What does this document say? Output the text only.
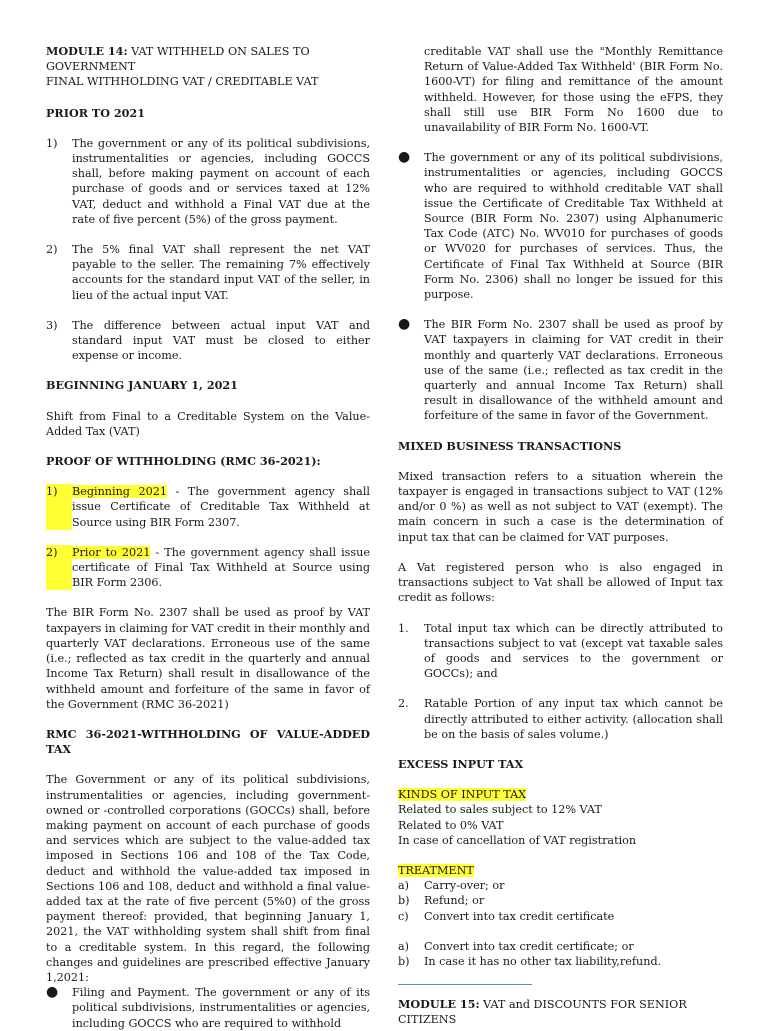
MODULE 14: VAT WITHHELD ON SALES TO GOVERNMENT
FINAL WITHHOLDING VAT / CREDITABLE VAT

PRIOR TO 2021

1)	The government or any of its political subdivisions, instrumentalities or agencies, including GOCCS shall, before making payment on account of each purchase of goods and or services taxed at 12% VAT, deduct and withhold a Final VAT due at the rate of five percent (5%) of the gross payment.
2)	The 5% final VAT shall represent the net VAT payable to the seller. The remaining 7% effectively accounts for the standard input VAT of the seller, in lieu of the actual input VAT.
3)	The difference between actual input VAT and standard input VAT must be closed to either expense or income.

BEGINNING JANUARY 1, 2021

Shift from Final to a Creditable System on the Value-Added Tax (VAT)

PROOF OF WITHHOLDING (RMC 36-2021):

1)	Beginning 2021 - The government agency shall issue Certificate of Creditable Tax Withheld at Source using BIR Form 2307.
2)	Prior to 2021 - The government agency shall issue certificate of Final Tax Withheld at Source using BIR Form 2306.

The BIR Form No. 2307 shall be used as proof by VAT taxpayers in claiming for VAT credit in their monthly and quarterly VAT declarations. Erroneous use of the same (i.e.; reflected as tax credit in the quarterly and annual Income Tax Return) shall result in disallowance of the withheld amount and forfeiture of the same in favor of the Government (RMC 36-2021)

RMC 36-2021-WITHHOLDING OF VALUE-ADDED TAX

The Government or any of its political subdivisions, instrumentalities or agencies, including government-owned or -controlled corporations (GOCCs) shall, before making payment on account of each purchase of goods and services which are subject to the value-added tax imposed in Sections 106 and 108 of the Tax Code, deduct and withhold the value-added tax imposed in Sections 106 and 108, deduct and withhold a final value-added tax at the rate of five percent (5%0) of the gross payment thereof: provided, that beginning January 1, 2021, the VAT withholding system shall shift from final to a creditable system. In this regard, the following changes and guidelines are prescribed effective January 1,2021:

●	Filing and Payment. The government or any of its political subdivisions, instrumentalities or agencies, including GOCCS who are required to withhold
creditable VAT shall use the "Monthly Remittance Return of Value-Added Tax Withheld' (BIR Form No. 1600-VT) for filing and remittance of the amount withheld. However, for those using the eFPS, they shall still use BIR Form No 1600 due to unavailability of BIR Form No. 1600-VT.
●	The government or any of its political subdivisions, instrumentalities or agencies, including GOCCS who are required to withhold creditable VAT shall issue the Certificate of Creditable Tax Withheld at Source (BIR Form No. 2307) using Alphanumeric Tax Code (ATC) No. WV010 for purchases of goods or WV020 for purchases of services. Thus, the Certificate of Final Tax Withheld at Source (BIR Form No. 2306) shall no longer be issued for this purpose.
●	The BIR Form No. 2307 shall be used as proof by VAT taxpayers in claiming for VAT credit in their monthly and quarterly VAT declarations. Erroneous use of the same (i.e.; reflected as tax credit in the quarterly and annual Income Tax Return) shall result in disallowance of the withheld amount and forfeiture of the same in favor of the Government.

MIXED BUSINESS TRANSACTIONS

Mixed transaction refers to a situation wherein the taxpayer is engaged in transactions subject to VAT (12% and/or 0 %) as well as not subject to VAT (exempt). The main concern in such a case is the determination of input tax that can be claimed for VAT purposes.

A Vat registered person who is also engaged in transactions subject to Vat shall be allowed of Input tax credit as follows:

1.	Total input tax which can be directly attributed to transactions subject to vat (except vat taxable sales of goods and services to the government or GOCCs); and
2.	Ratable Portion of any input tax which cannot be directly attributed to either activity. (allocation shall be on the basis of sales volume.)

EXCESS INPUT TAX

KINDS OF INPUT TAX

Related to sales subject to 12% VAT

Related to 0% VAT

In case of cancellation of VAT registration

TREATMENT

a)	Carry-over; or
b)	Refund; or
c)	Convert into tax credit certificate
a)	Convert into tax credit certificate; or
b)	In case it has no other tax liability,refund.

MODULE 15: VAT and DISCOUNTS FOR SENIOR CITIZENS
